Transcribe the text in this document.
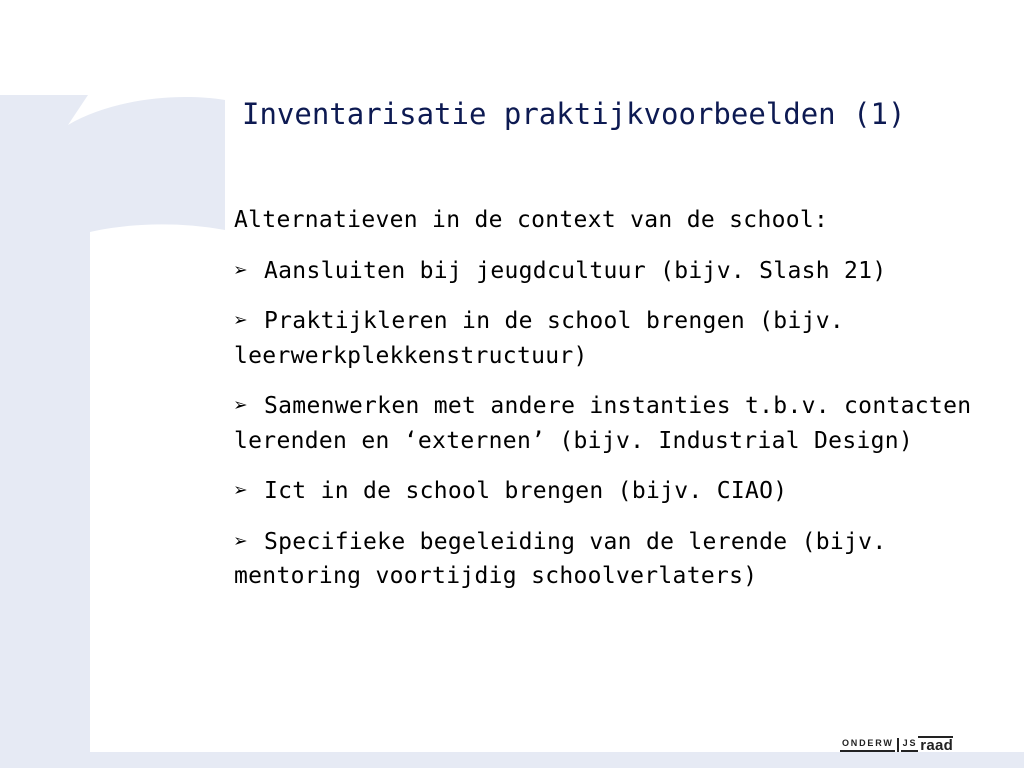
Inventarisatie praktijkvoorbeelden (1)

Alternatieven in de context van de school:

➢ Aansluiten bij jeugdcultuur (bijv. Slash 21)

➢ Praktijkleren in de school brengen (bijv. leerwerkplekkenstructuur)

➢ Samenwerken met andere instanties t.b.v. contacten lerenden en ‘externen’ (bijv. Industrial Design)

➢ Ict in de school brengen (bijv. CIAO)

➢ Specifieke begeleiding van de lerende (bijv. mentoring voortijdig schoolverlaters)

ONDERW JS raad
